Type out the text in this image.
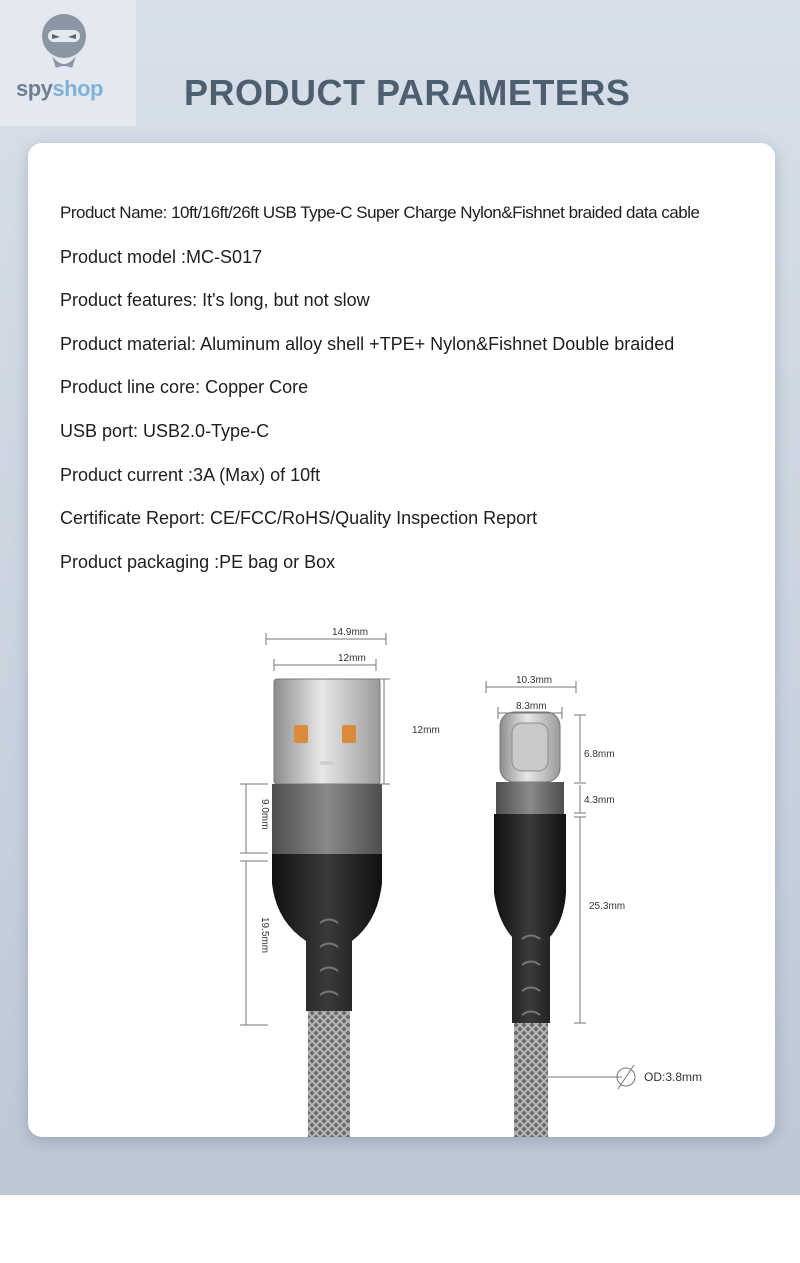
spyshop PRODUCT PARAMETERS
Product Name: 10ft/16ft/26ft USB Type-C Super Charge Nylon&Fishnet braided data cable
Product model :MC-S017
Product features: It's long, but not slow
Product material: Aluminum alloy shell +TPE+ Nylon&Fishnet Double braided
Product line core: Copper Core
USB port: USB2.0-Type-C
Product current :3A (Max) of 10ft
Certificate Report: CE/FCC/RoHS/Quality Inspection Report
Product packaging :PE bag or Box
14.9mm
12mm
12mm
9.0mm
19.5mm
10.3mm
8.3mm
6.8mm
4.3mm
25.3mm
OD:3.8mm
